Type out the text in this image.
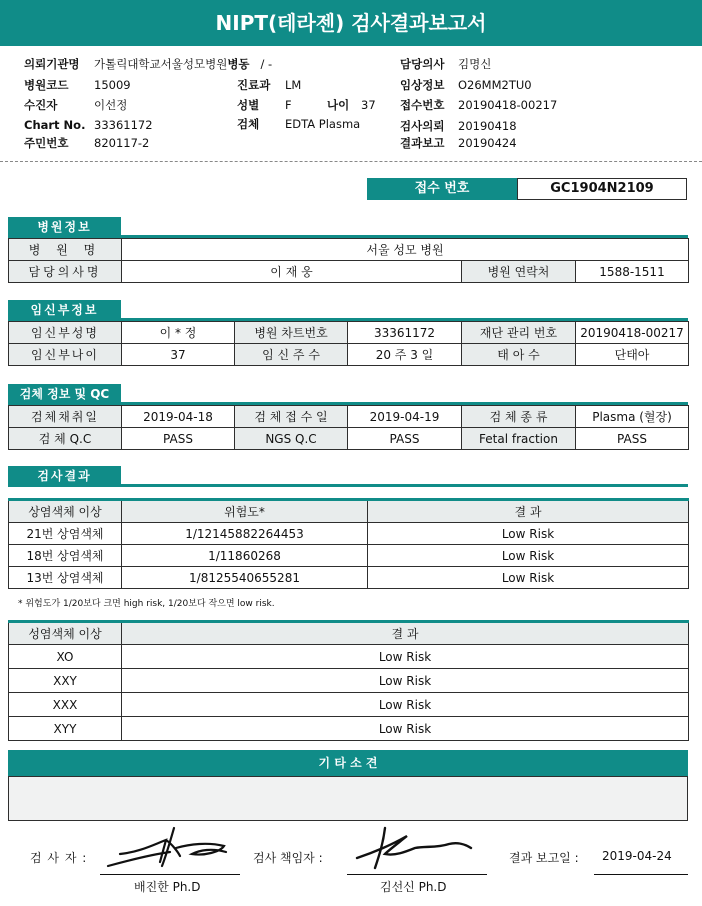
NIPT(테라젠) 검사결과보고서
의뢰기관명 가톨릭대학교서울성모병원병동 / -	담당의사 김명신
병원코드 15009	진료과 LM	임상정보 O26MM2TU0
수진자	이선정	성별 F	나이 37 접수번호 20190418-00217
Chart No. 33361172	검체 EDTA Plasma	검사의뢰 20190418
주민번호 820117-2	결과보고 20190424
접수 번호	GC1904N2109
병원정보
병 원 명	서울 성모 병원		
담당의사명	이 재 웅	병원 연락처	1588-1511
임신부정보
임신부성명	이 * 정	병원 차트번호	33361172	재단 관리 번호	20190418-00217
임신부나이	37	임 신 주 수	20 주 3 일	태 아 수	단태아
검체 정보 및 QC
검체채취일	2019-04-18	검 체 접 수 일	2019-04-19	검 체 종 류	Plasma (혈장)
검 체 Q.C	PASS	NGS Q.C	PASS	Fetal fraction	PASS
검사결과
상염색체 이상	위험도*	결 과
21번 상염색체	1/12145882264453	Low Risk
18번 상염색체	1/11860268	Low Risk
13번 상염색체	1/8125540655281	Low Risk
* 위험도가 1/20보다 크면 high risk, 1/20보다 작으면 low risk.
성염색체 이상	결 과
XO	Low Risk
XXY	Low Risk
XXX	Low Risk
XYY	Low Risk
기 타 소 견
검 사 자 :
배진한 Ph.D
검사 책임자 :
김선신 Ph.D
결과 보고일 : 2019-04-24
